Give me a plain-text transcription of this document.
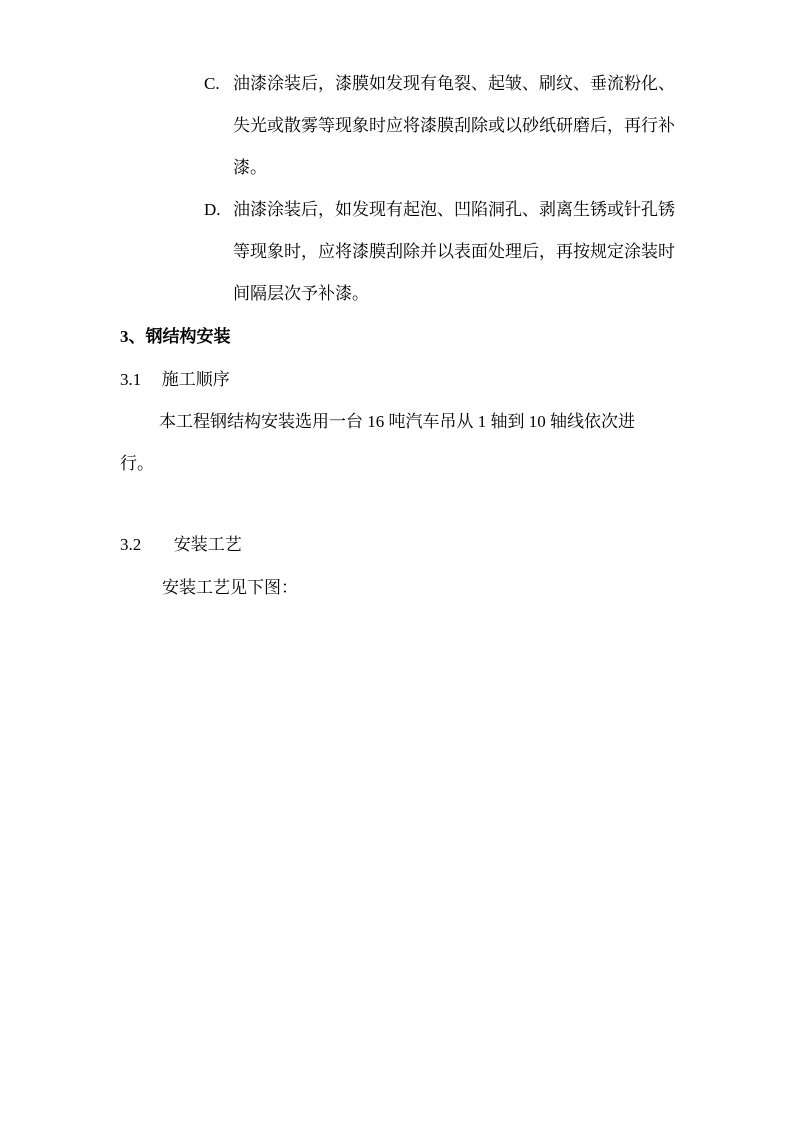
C. 油漆涂装后，漆膜如发现有龟裂、起皱、刷纹、垂流粉化、失光或散雾等现象时应将漆膜刮除或以砂纸研磨后，再行补漆。
D. 油漆涂装后，如发现有起泡、凹陷洞孔、剥离生锈或针孔锈等现象时，应将漆膜刮除并以表面处理后，再按规定涂装时间隔层次予补漆。
3、钢结构安装
3.1 施工顺序
本工程钢结构安装选用一台 16 吨汽车吊从 1 轴到 10 轴线依次进
行。
3.2 安装工艺
安装工艺见下图：
